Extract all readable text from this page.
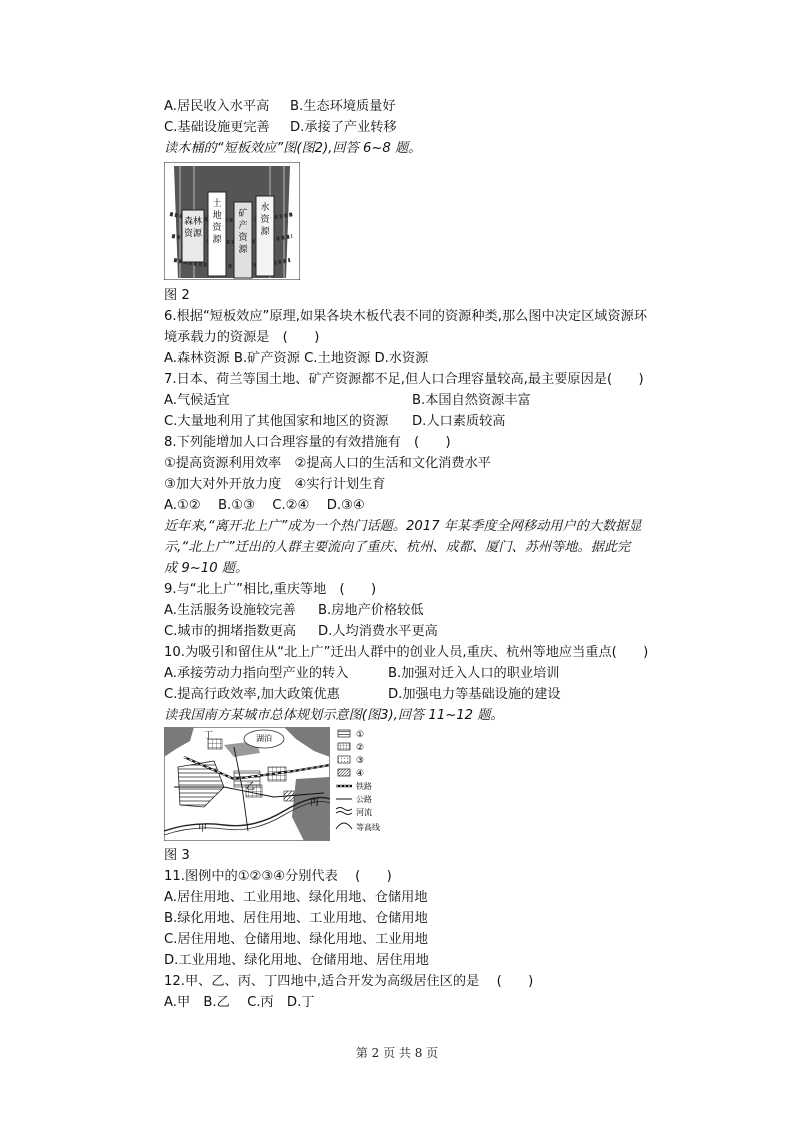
A.居民收入水平高 B.生态环境质量好
C.基础设施更完善 D.承接了产业转移
读木桶的“短板效应”图(图2),回答 6~8 题。
森林资源
土地资源
矿产资源
水资源
图 2
6.根据“短板效应”原理,如果各块木板代表不同的资源种类,那么图中决定区域资源环
境承载力的资源是　(　　)
A.森林资源 B.矿产资源 C.土地资源 D.水资源
7.日本、荷兰等国土地、矿产资源都不足,但人口合理容量较高,最主要原因是(　　)
A.气候适宜	B.本国自然资源丰富
C.大量地利用了其他国家和地区的资源 D.人口素质较高
8.下列能增加人口合理容量的有效措施有　(　　)
①提高资源利用效率　②提高人口的生活和文化消费水平
③加大对外开放力度　④实行计划生育
A.①②　 B.①③　 C.②④　 D.③④
近年来,“离开北上广”成为一个热门话题。2017 年某季度全网移动用户的大数据显
示,“北上广”迁出的人群主要流向了重庆、杭州、成都、厦门、苏州等地。据此完
成 9~10 题。
9.与“北上广”相比,重庆等地　(　　)
A.生活服务设施较完善 B.房地产价格较低
C.城市的拥堵指数更高 D.人均消费水平更高
10.为吸引和留住从“北上广”迁出人群中的创业人员,重庆、杭州等地应当重点(　　)
A.承接劳动力指向型产业的转入	B.加强对迁入人口的职业培训
C.提高行政效率,加大政策优惠	D.加强电力等基础设施的建设
读我国南方某城市总体规划示意图(图3),回答 11~12 题。
丁	湖泊
乙
甲
丙
①
②
③
④
铁路
公路
河流
等高线
图 3
11.图例中的①②③④分别代表　 (　　)
A.居住用地、工业用地、绿化用地、仓储用地
B.绿化用地、居住用地、工业用地、仓储用地
C.居住用地、仓储用地、绿化用地、工业用地
D.工业用地、绿化用地、仓储用地、居住用地
12.甲、乙、丙、丁四地中,适合开发为高级居住区的是　 (　　)
A.甲　B.乙　 C.丙　D.丁
第 2 页 共 8 页
